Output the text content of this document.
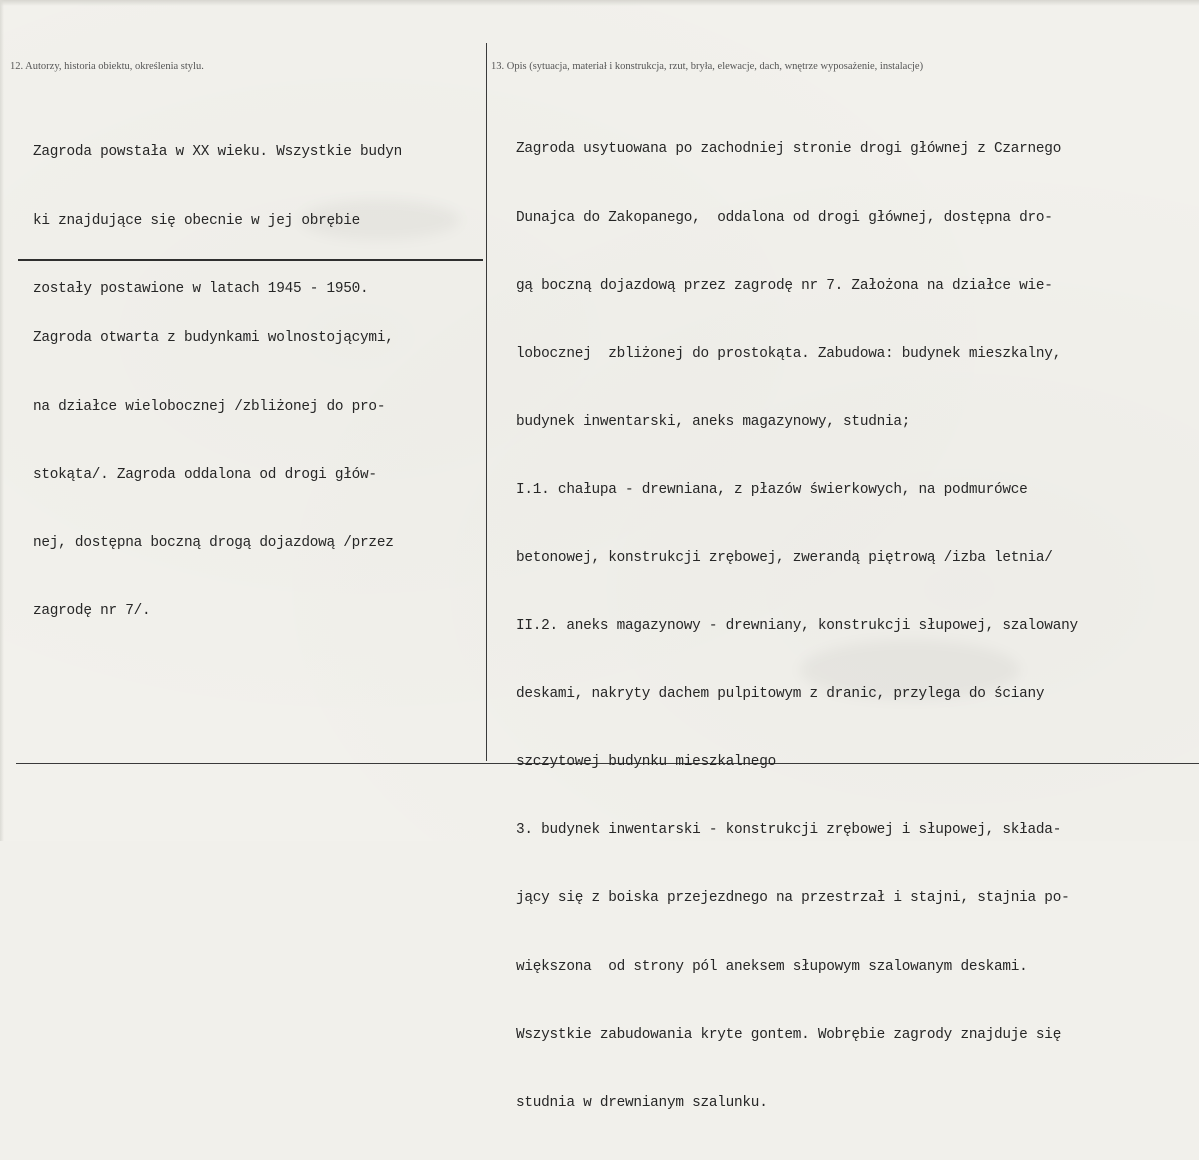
12. Autorzy, historia obiektu, określenia stylu.	13. Opis (sytuacja, materiał i konstrukcja, rzut, bryła, elewacje, dach, wnętrze wyposażenie, instalacje)

Zagroda powstała w XX wieku. Wszystkie budyn

ki znajdujące się obecnie w jej obrębie

zostały postawione w latach 1945 - 1950.

Zagroda otwarta z budynkami wolnostojącymi,

na działce wielobocznej /zbliżonej do pro-

stokąta/. Zagroda oddalona od drogi głów-

nej, dostępna boczną drogą dojazdową /przez

zagrodę nr 7/.

Zagroda usytuowana po zachodniej stronie drogi głównej z Czarnego

Dunajca do Zakopanego,  oddalona od drogi głównej, dostępna dro-

gą boczną dojazdową przez zagrodę nr 7. Założona na działce wie-

lobocznej  zbliżonej do prostokąta. Zabudowa: budynek mieszkalny,

budynek inwentarski, aneks magazynowy, studnia;

I.1. chałupa - drewniana, z płazów świerkowych, na podmurówce

betonowej, konstrukcji zrębowej, zwerandą piętrową /izba letnia/

II.2. aneks magazynowy - drewniany, konstrukcji słupowej, szalowany

deskami, nakryty dachem pulpitowym z dranic, przylega do ściany

szczytowej budynku mieszkalnego

3. budynek inwentarski - konstrukcji zrębowej i słupowej, składa-

jący się z boiska przejezdnego na przestrzał i stajni, stajnia po-

większona  od strony pól aneksem słupowym szalowanym deskami.

Wszystkie zabudowania kryte gontem. Wobrębie zagrody znajduje się

studnia w drewnianym szalunku.
